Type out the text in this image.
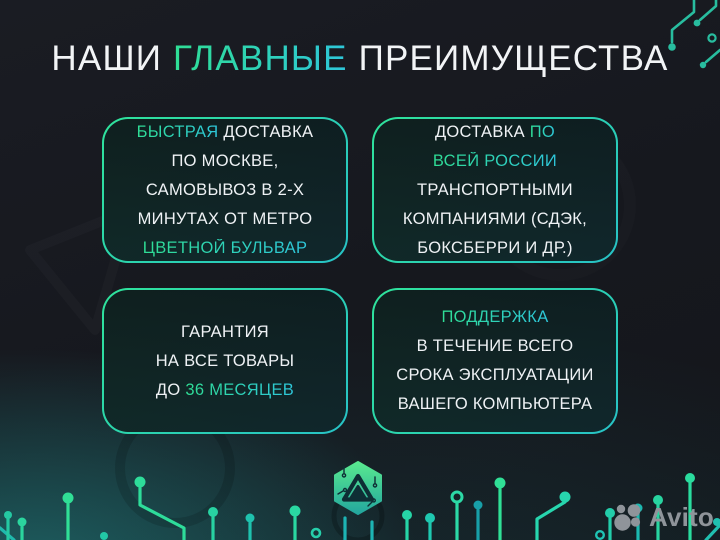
НАШИ ГЛАВНЫЕ ПРЕИМУЩЕСТВА
БЫСТРАЯ ДОСТАВКА
ПО МОСКВЕ,
САМОВЫВОЗ В 2-Х
МИНУТАХ ОТ МЕТРО
ЦВЕТНОЙ БУЛЬВАР
ДОСТАВКА ПО
ВСЕЙ РОССИИ
ТРАНСПОРТНЫМИ
КОМПАНИЯМИ (СДЭК,
БОКСБЕРРИ И ДР.)
ГАРАНТИЯ
НА ВСЕ ТОВАРЫ
ДО 36 МЕСЯЦЕВ
ПОДДЕРЖКА
В ТЕЧЕНИЕ ВСЕГО
СРОКА ЭКСПЛУАТАЦИИ
ВАШЕГО КОМПЬЮТЕРА
Avito
